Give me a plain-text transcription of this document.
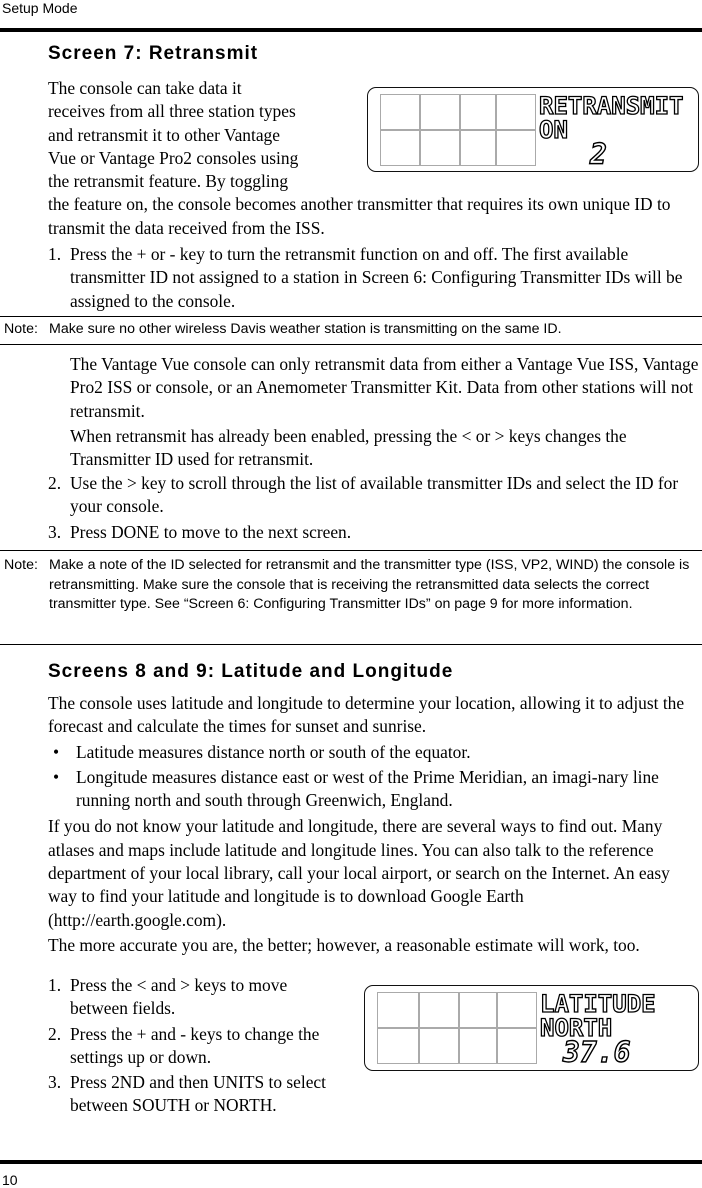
Setup Mode
Screen 7: Retransmit
The console can take data it
receives from all three station types
and retransmit it to other Vantage
Vue or Vantage Pro2 consoles using
the retransmit feature. By toggling

the feature on, the console becomes another transmitter that requires its own unique ID to transmit the data received from the ISS.

1. Press the + or - key to turn the retransmit function on and off. The first available transmitter ID not assigned to a station in Screen 6: Configuring Transmitter IDs will be assigned to the console.
RETRANSMIT
ON
2
Note: Make sure no other wireless Davis weather station is transmitting on the same ID.

The Vantage Vue console can only retransmit data from either a Vantage Vue ISS, Vantage Pro2 ISS or console, or an Anemometer Transmitter Kit. Data from other stations will not retransmit.

When retransmit has already been enabled, pressing the < or > keys changes the Transmitter ID used for retransmit.

2. Use the > key to scroll through the list of available transmitter IDs and select the ID for your console.
3. Press DONE to move to the next screen.
Note: Make a note of the ID selected for retransmit and the transmitter type (ISS, VP2, WIND) the console is retransmitting. Make sure the console that is receiving the retransmitted data selects the correct transmitter type. See “Screen 6: Configuring Transmitter IDs” on page 9 for more information.
Screens 8 and 9: Latitude and Longitude

The console uses latitude and longitude to determine your location, allowing it to adjust the forecast and calculate the times for sunset and sunrise.

• Latitude measures distance north or south of the equator.
• Longitude measures distance east or west of the Prime Meridian, an imagi-nary line running north and south through Greenwich, England.

If you do not know your latitude and longitude, there are several ways to find out. Many atlases and maps include latitude and longitude lines. You can also talk to the reference department of your local library, call your local airport, or search on the Internet. An easy way to find your latitude and longitude is to download Google Earth (http://earth.google.com).

The more accurate you are, the better; however, a reasonable estimate will work, too.

1. Press the < and > keys to move between fields.
2. Press the + and - keys to change the settings up or down.
3. Press 2ND and then UNITS to select between SOUTH or NORTH.
LATITUDE
NORTH
37.6
10
